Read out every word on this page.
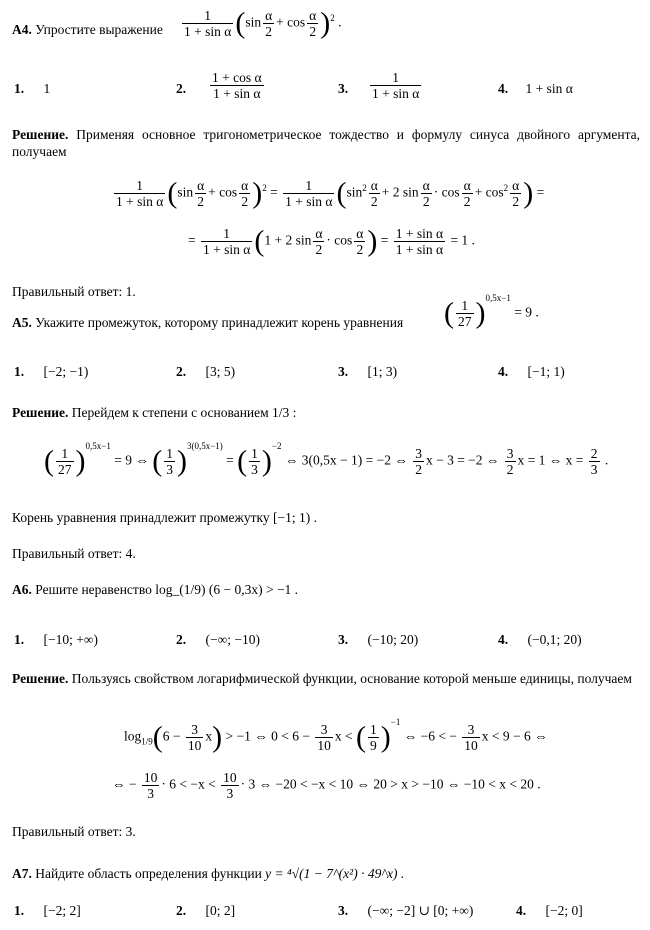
А4. Упростите выражение $\frac{1}{\text{1 + sin α}} (\sin \frac{\alpha}{2} + \cos \frac{\alpha}{2} )^2$ .
1. 1	2. $\frac{\text{1 + cos α}}{\text{1 + sin α}}$	3. $\frac{1}{\text{1 + sin α}}$	4. 1 + sin α
Решение. Применяя основное тригонометрическое тождество и формулу синуса двойного аргумента, получаем
$\frac{1}{\text{1 + sin α}} (\sin \frac{\alpha}{2} + \cos \frac{\alpha}{2} )^2 = \frac{1}{\text{1 + sin α}} (\sin^2 \frac{\alpha}{2} + 2$ $\sin \frac{\alpha}{2} \cdot \cos \frac{\alpha}{2} + \cos^2 \frac{\alpha}{2}$ ) =
= $\frac{1}{\text{1 + sin α}} (1 + 2$ $\sin \frac{\alpha}{2} \cdot \cos \frac{\alpha}{2}$ ) = $\frac{\text{1 + sin α}}{\text{1 + sin α}} = 1$ .
Правильный ответ: 1.
А5. Укажите промежуток, которому принадлежит корень уравнения ( $\frac{1}{27} )^{0,5x-1} = 9$ .
1. [−2; −1)	2. [3; 5)	3. [1; 3)	4. [−1; 1)
Решение. Перейдем к степени с основанием 1/3 :
( $\frac{1}{27} )^{0,5x-1} = 9$ ⇔ ( $\frac{1}{3} )^{3(0,5x-1)}$ = ( $\frac{1}{3} )^{-2}$ ⇔ 3(0,5x − 1) = −2 ⇔ $\frac{3}{2}$ x − 3 = −2 ⇔ $\frac{3}{2}$ x = 1 ⇔ $x = \frac{2}{3}$ .
Корень уравнения принадлежит промежутку [−1; 1) .
Правильный ответ: 4.
А6. Решите неравенство log_(1/9) (6 − 0,3x) > −1 .
1. [−10; +∞)	2. (−∞; −10)	3. (−10; 20)	4. (−0,1; 20)
Решение. Пользуясь свойством логарифмической функции, основание которой меньше единицы, получаем
$\log_{1/9}(6 - \frac{3}{10} x) > -1$ ⇔ $0 < 6 - \frac{3}{10}$ x < ( $\frac{1}{9} )^{-1}$ ⇔ −6 < − $\frac{3}{10}$ x < 9 − 6 ⇔
⇔ − $\frac{10}{3} \cdot 6 < -x < \frac{10}{3} \cdot 3$ ⇔ −20 < −x < 10 ⇔ 20 > x > −10 ⇔ −10 < x < 20 .
Правильный ответ: 3.
А7. Найдите область определения функции y = ⁴√(1 − 7^(x²) · 49^x) .
1. [−2; 2]	2. [0; 2]	3. (−∞; −2] ∪ [0; +∞)	4. [−2; 0]
